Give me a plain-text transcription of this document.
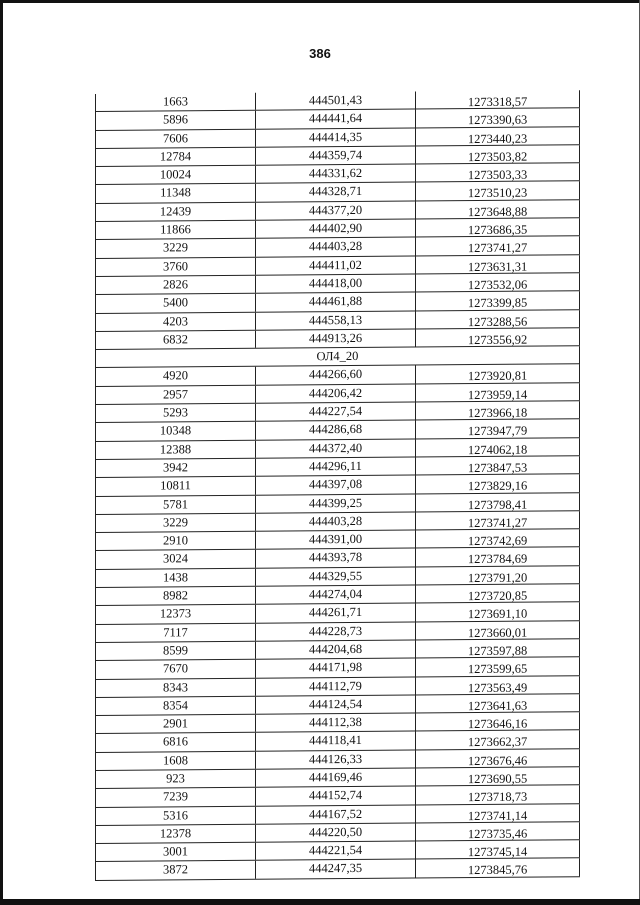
386
1663	444501,43	1273318,57
5896	444441,64	1273390,63
7606	444414,35	1273440,23
12784	444359,74	1273503,82
10024	444331,62	1273503,33
11348	444328,71	1273510,23
12439	444377,20	1273648,88
11866	444402,90	1273686,35
3229	444403,28	1273741,27
3760	444411,02	1273631,31
2826	444418,00	1273532,06
5400	444461,88	1273399,85
4203	444558,13	1273288,56
6832	444913,26	1273556,92
ОЛ4_20
4920	444266,60	1273920,81
2957	444206,42	1273959,14
5293	444227,54	1273966,18
10348	444286,68	1273947,79
12388	444372,40	1274062,18
3942	444296,11	1273847,53
10811	444397,08	1273829,16
5781	444399,25	1273798,41
3229	444403,28	1273741,27
2910	444391,00	1273742,69
3024	444393,78	1273784,69
1438	444329,55	1273791,20
8982	444274,04	1273720,85
12373	444261,71	1273691,10
7117	444228,73	1273660,01
8599	444204,68	1273597,88
7670	444171,98	1273599,65
8343	444112,79	1273563,49
8354	444124,54	1273641,63
2901	444112,38	1273646,16
6816	444118,41	1273662,37
1608	444126,33	1273676,46
923	444169,46	1273690,55
7239	444152,74	1273718,73
5316	444167,52	1273741,14
12378	444220,50	1273735,46
3001	444221,54	1273745,14
3872	444247,35	1273845,76
